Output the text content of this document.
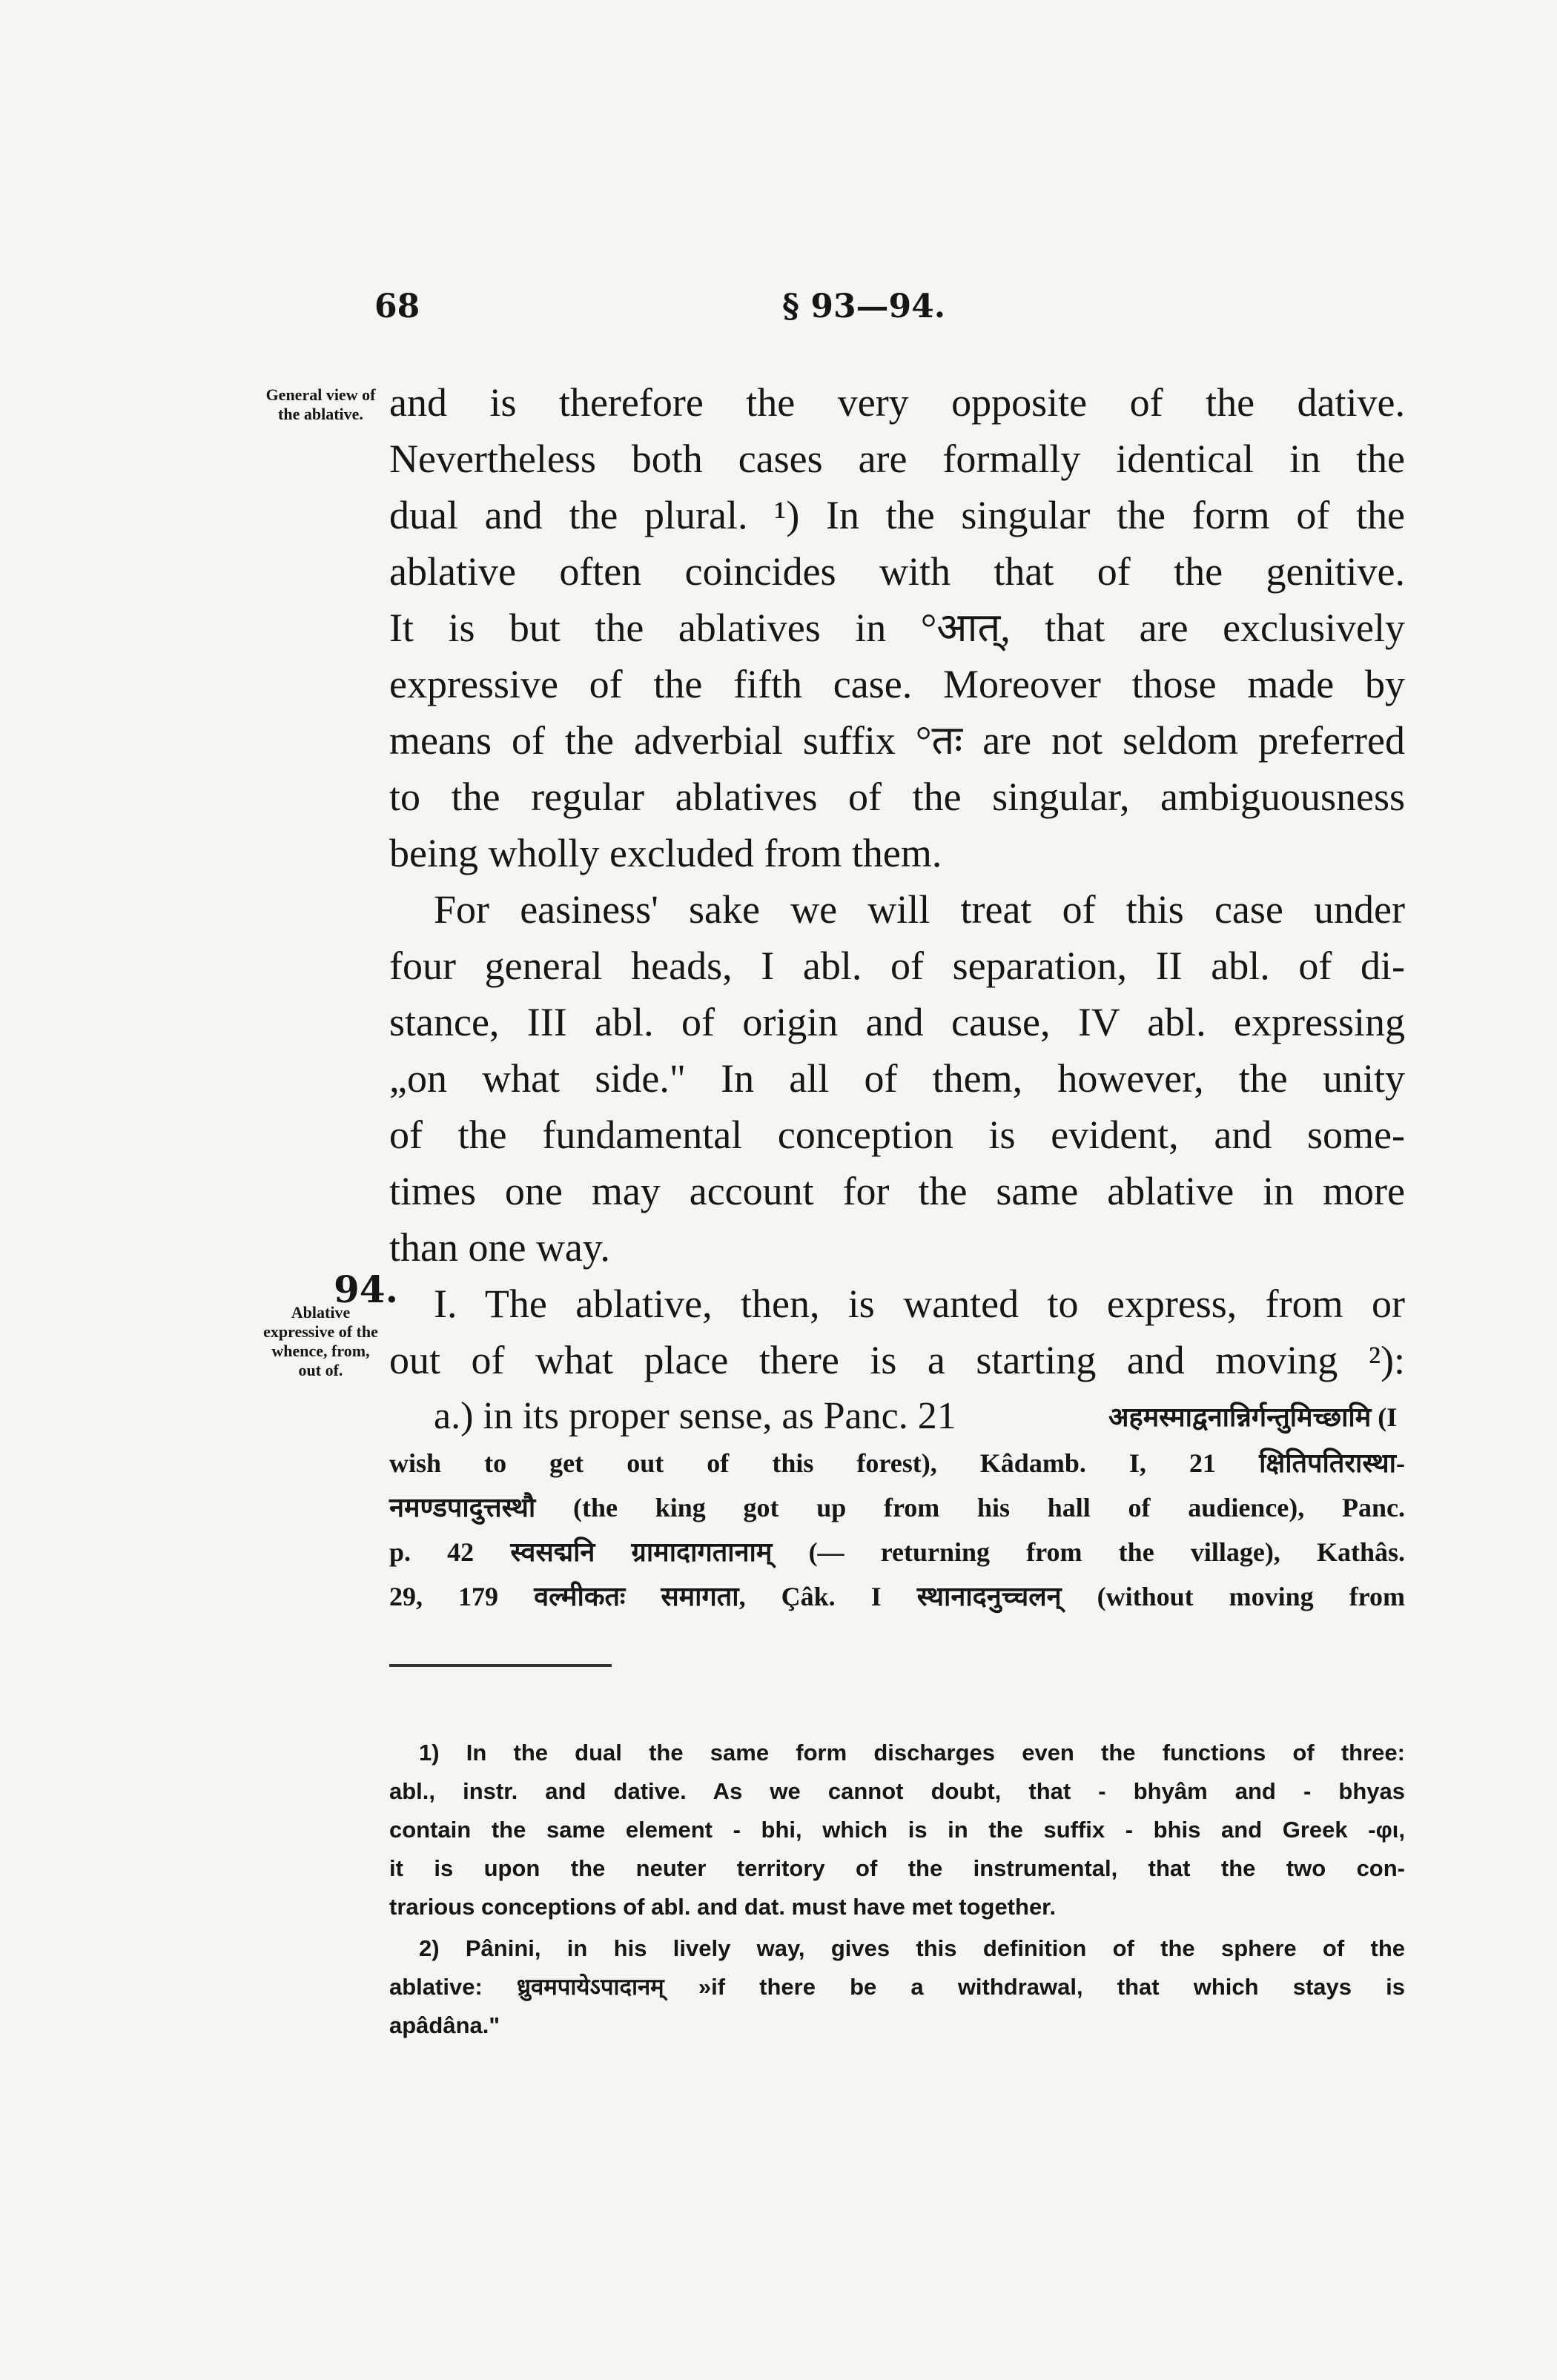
68	§ 93—94.
General view of the ablative.
Ablative expressive of the whence, from, out of.
94.
and is therefore the very opposite of the dative.
Nevertheless both cases are formally identical in the
dual and the plural. ¹) In the singular the form of the
ablative often coincides with that of the genitive.
It is but the ablatives in °आत्, that are exclusively
expressive of the fifth case. Moreover those made by
means of the adverbial suffix °तः are not seldom preferred
to the regular ablatives of the singular, ambiguousness
being wholly excluded from them.
For easiness' sake we will treat of this case under
four general heads, I abl. of separation, II abl. of di-
stance, III abl. of origin and cause, IV abl. expressing
„on what side." In all of them, however, the unity
of the fundamental conception is evident, and some-
times one may account for the same ablative in more
than one way.
I. The ablative, then, is wanted to express, from or
out of what place there is a starting and moving ²):
a.) in its proper sense, as Panc. 21	अहमस्माद्वनान्निर्गन्तुमिच्छामि (I
wish to get out of this forest), Kâdamb. I, 21 क्षितिपतिरास्था-
नमण्डपादुत्तस्थौ (the king got up from his hall of audience), Panc.
p. 42 स्वसद्मनि ग्रामादागतानाम् (— returning from the village), Kathâs.
29, 179 वल्मीकतः समागता, Çâk. I स्थानादनुच्चलन् (without moving from
1) In the dual the same form discharges even the functions of three:
abl., instr. and dative. As we cannot doubt, that - bhyâm and - bhyas
contain the same element - bhi, which is in the suffix - bhis and Greek -φι,
it is upon the neuter territory of the instrumental, that the two con-
trarious conceptions of abl. and dat. must have met together.
2) Pânini, in his lively way, gives this definition of the sphere of the
ablative: ध्रुवमपायेऽपादानम् »if there be a withdrawal, that which stays is
apâdâna."
